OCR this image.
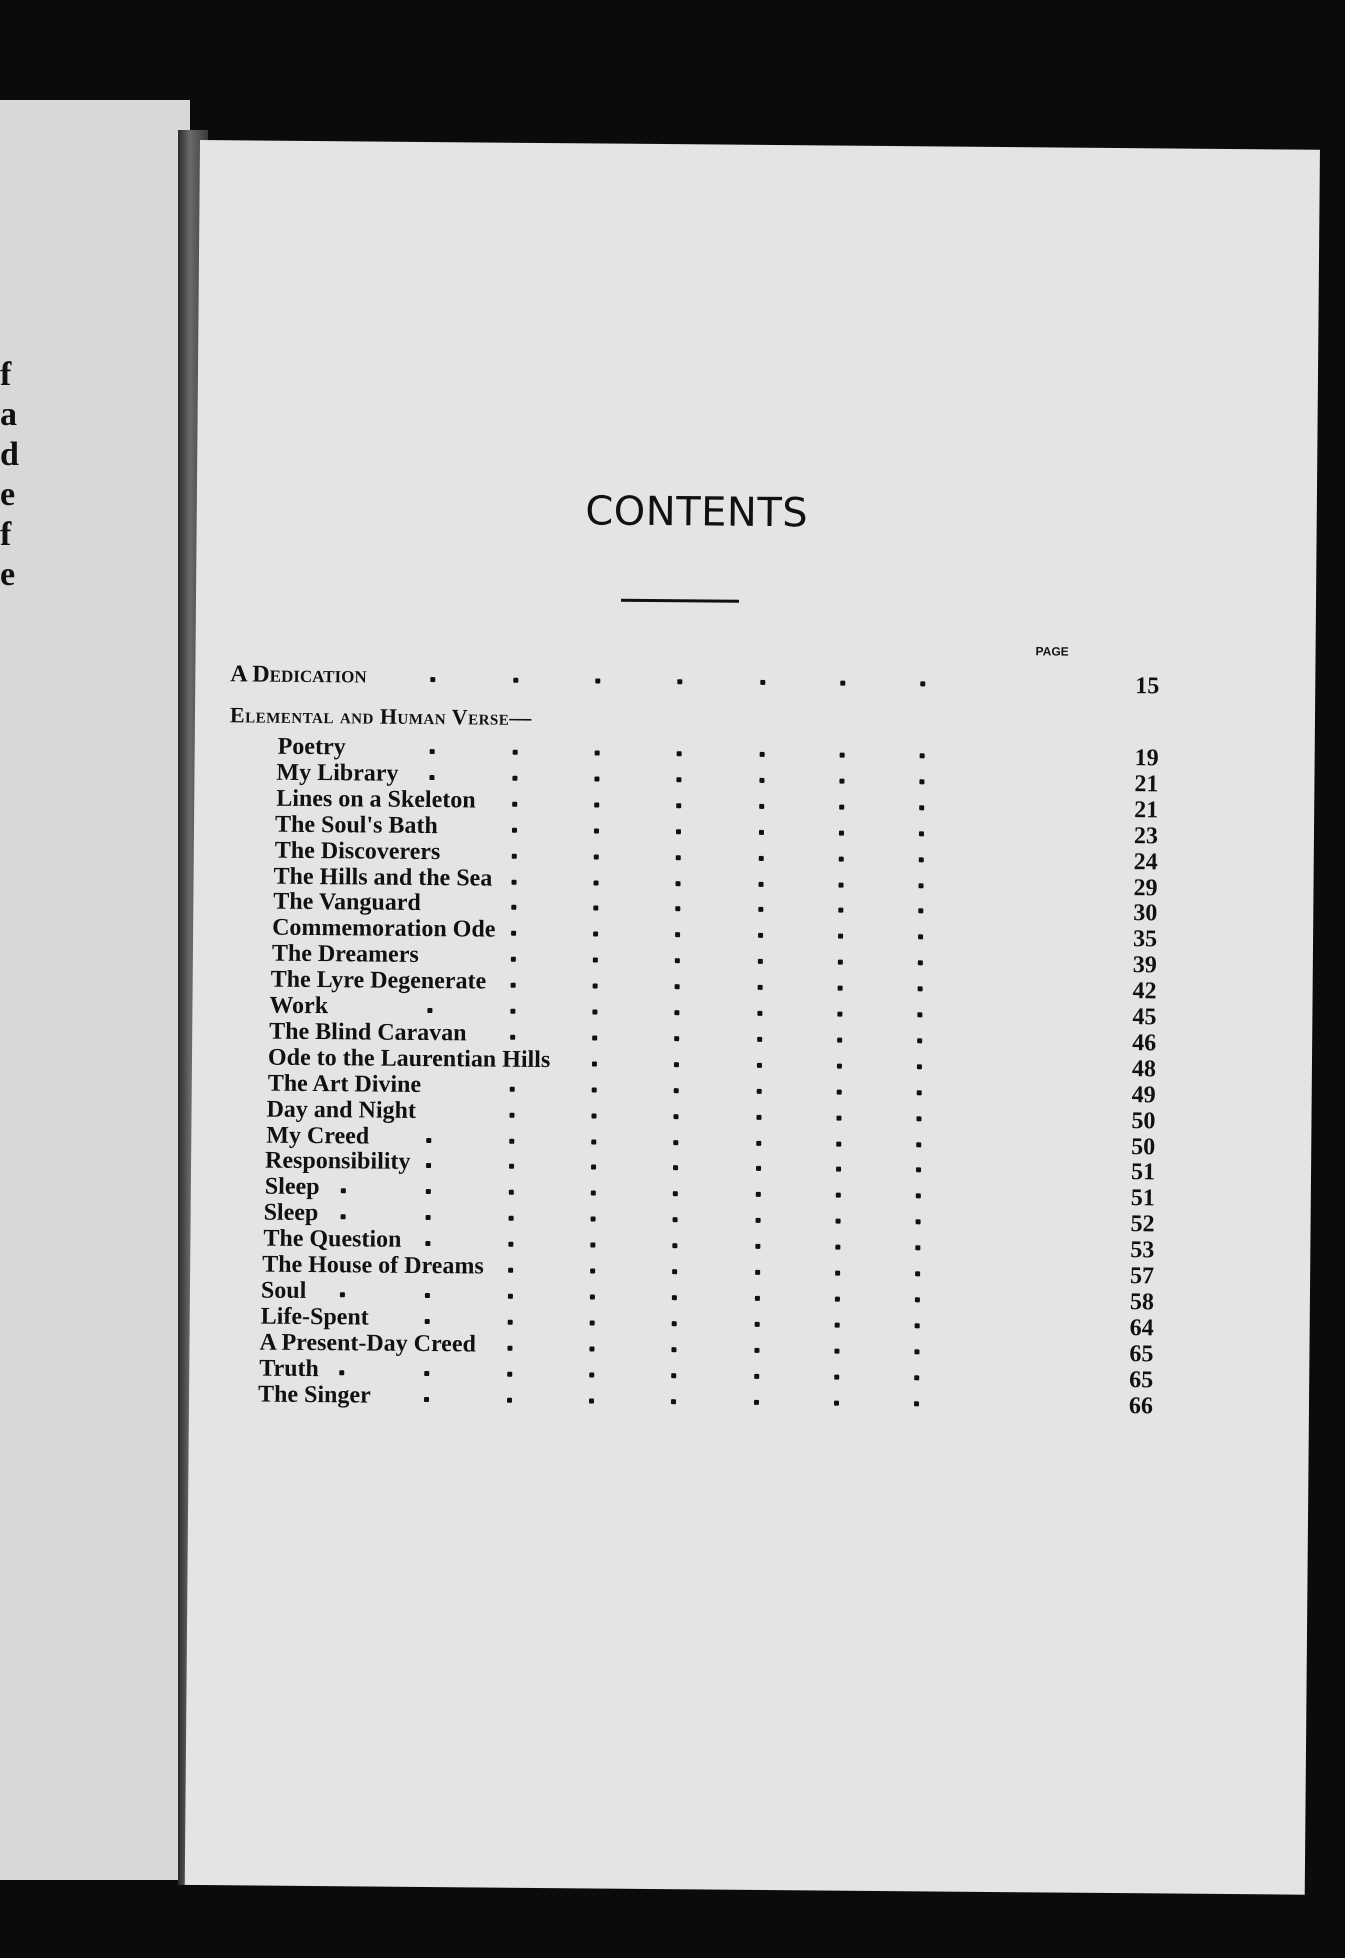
f
a
d
e
f
e
CONTENTS
PAGE
A Dedication	15
Elemental and Human Verse—
Poetry	19
My Library	21
Lines on a Skeleton	21
The Soul's Bath	23
The Discoverers	24
The Hills and the Sea	29
The Vanguard	30
Commemoration Ode	35
The Dreamers	39
The Lyre Degenerate	42
Work	45
The Blind Caravan	46
Ode to the Laurentian Hills	48
The Art Divine	49
Day and Night	50
My Creed	50
Responsibility	51
Sleep	51
Sleep	52
The Question	53
The House of Dreams	57
Soul	58
Life-Spent	64
A Present-Day Creed	65
Truth	65
The Singer	66
